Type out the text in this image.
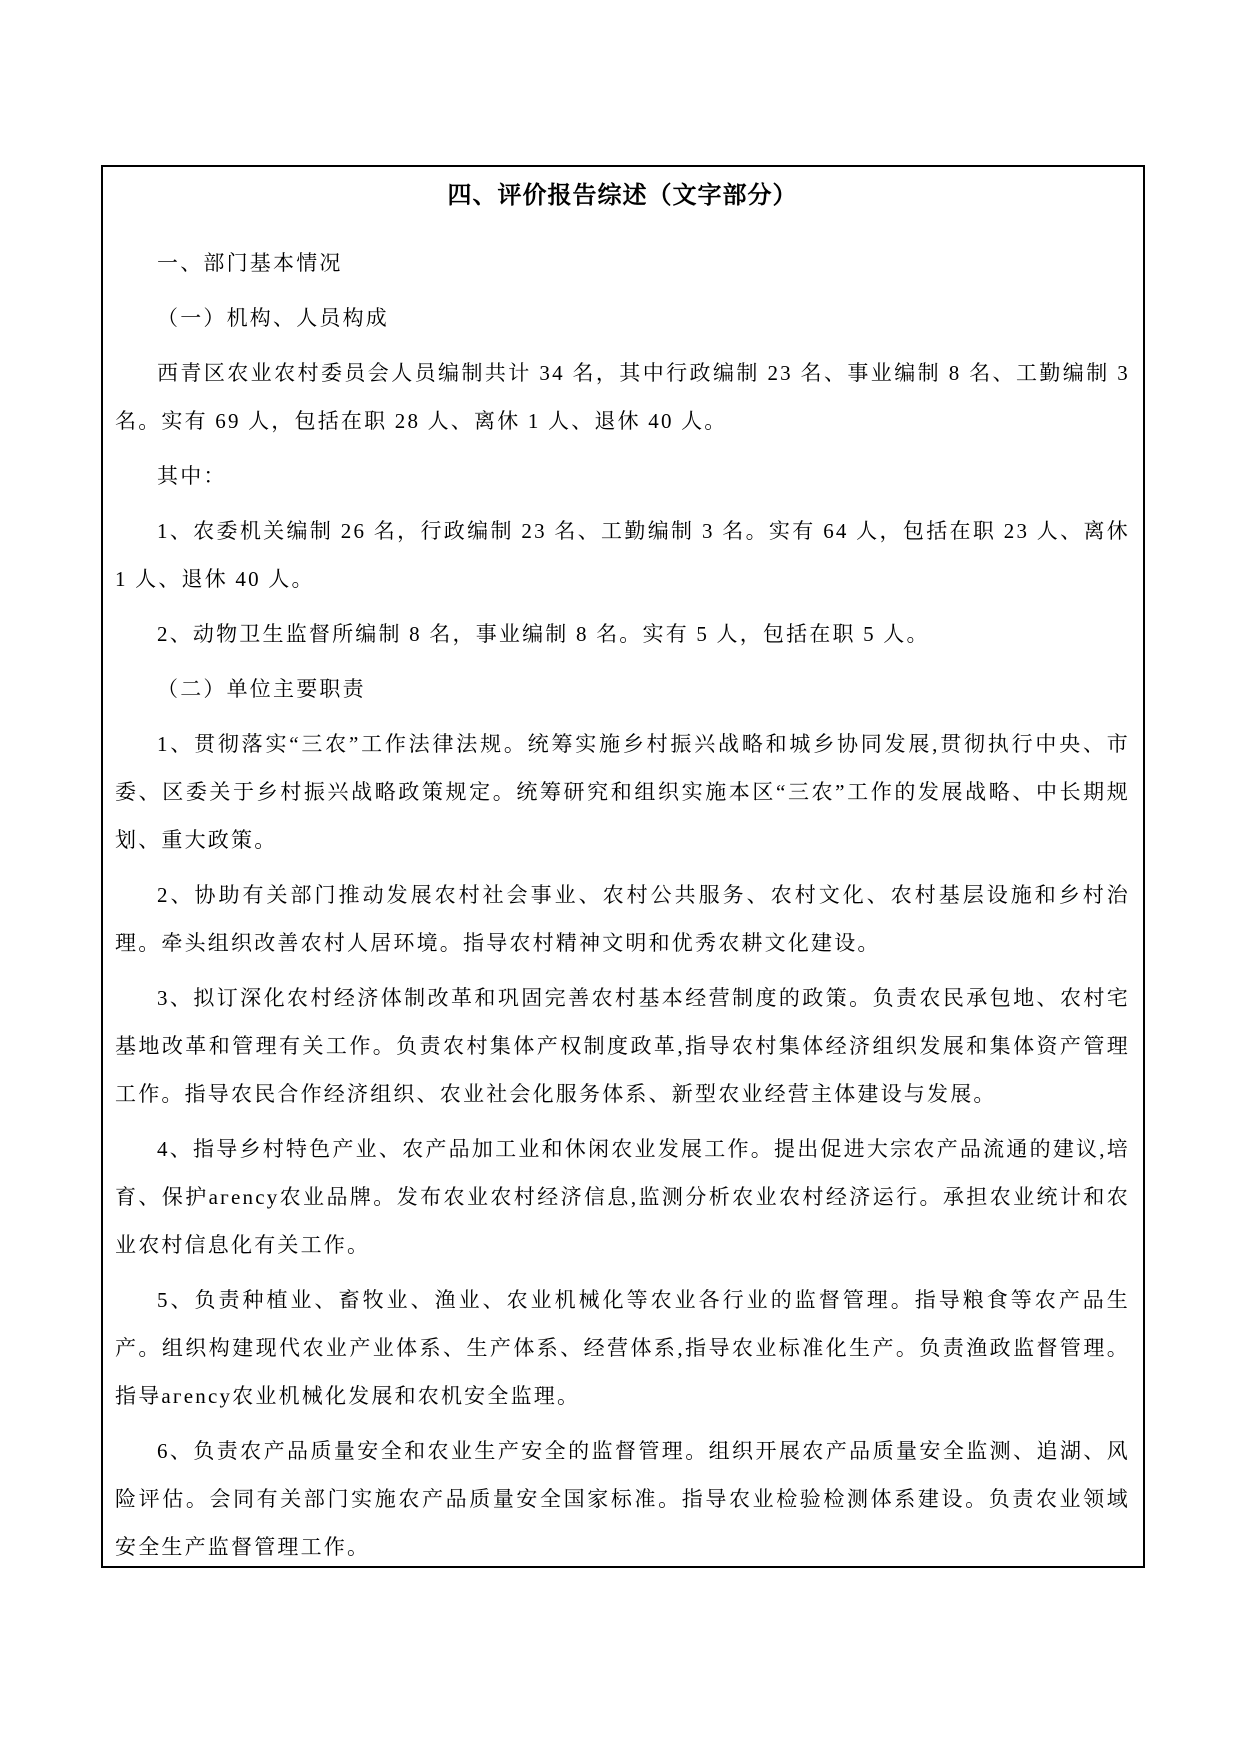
四、评价报告综述（文字部分）

一、部门基本情况

（一）机构、人员构成

西青区农业农村委员会人员编制共计 34 名，其中行政编制 23 名、事业编制 8 名、工勤编制 3 名。实有 69 人，包括在职 28 人、离休 1 人、退休 40 人。

其中：

1、农委机关编制 26 名，行政编制 23 名、工勤编制 3 名。实有 64 人，包括在职 23 人、离休 1 人、退休 40 人。

2、动物卫生监督所编制 8 名，事业编制 8 名。实有 5 人，包括在职 5 人。

（二）单位主要职责

1、贯彻落实“三农”工作法律法规。统筹实施乡村振兴战略和城乡协同发展,贯彻执行中央、市委、区委关于乡村振兴战略政策规定。统筹研究和组织实施本区“三农”工作的发展战略、中长期规划、重大政策。

2、协助有关部门推动发展农村社会事业、农村公共服务、农村文化、农村基层设施和乡村治理。牵头组织改善农村人居环境。指导农村精神文明和优秀农耕文化建设。

3、拟订深化农村经济体制改革和巩固完善农村基本经营制度的政策。负责农民承包地、农村宅基地改革和管理有关工作。负责农村集体产权制度政革,指导农村集体经济组织发展和集体资产管理工作。指导农民合作经济组织、农业社会化服务体系、新型农业经营主体建设与发展。

4、指导乡村特色产业、农产品加工业和休闲农业发展工作。提出促进大宗农产品流通的建议,培育、保护агency农业品牌。发布农业农村经济信息,监测分析农业农村经济运行。承担农业统计和农业农村信息化有关工作。

5、负责种植业、畜牧业、渔业、农业机械化等农业各行业的监督管理。指导粮食等农产品生产。组织构建现代农业产业体系、生产体系、经营体系,指导农业标准化生产。负责渔政监督管理。指导агency农业机械化发展和农机安全监理。

6、负责农产品质量安全和农业生产安全的监督管理。组织开展农产品质量安全监测、追湖、风险评估。会同有关部门实施农产品质量安全国家标准。指导农业检验检测体系建设。负责农业领域安全生产监督管理工作。
